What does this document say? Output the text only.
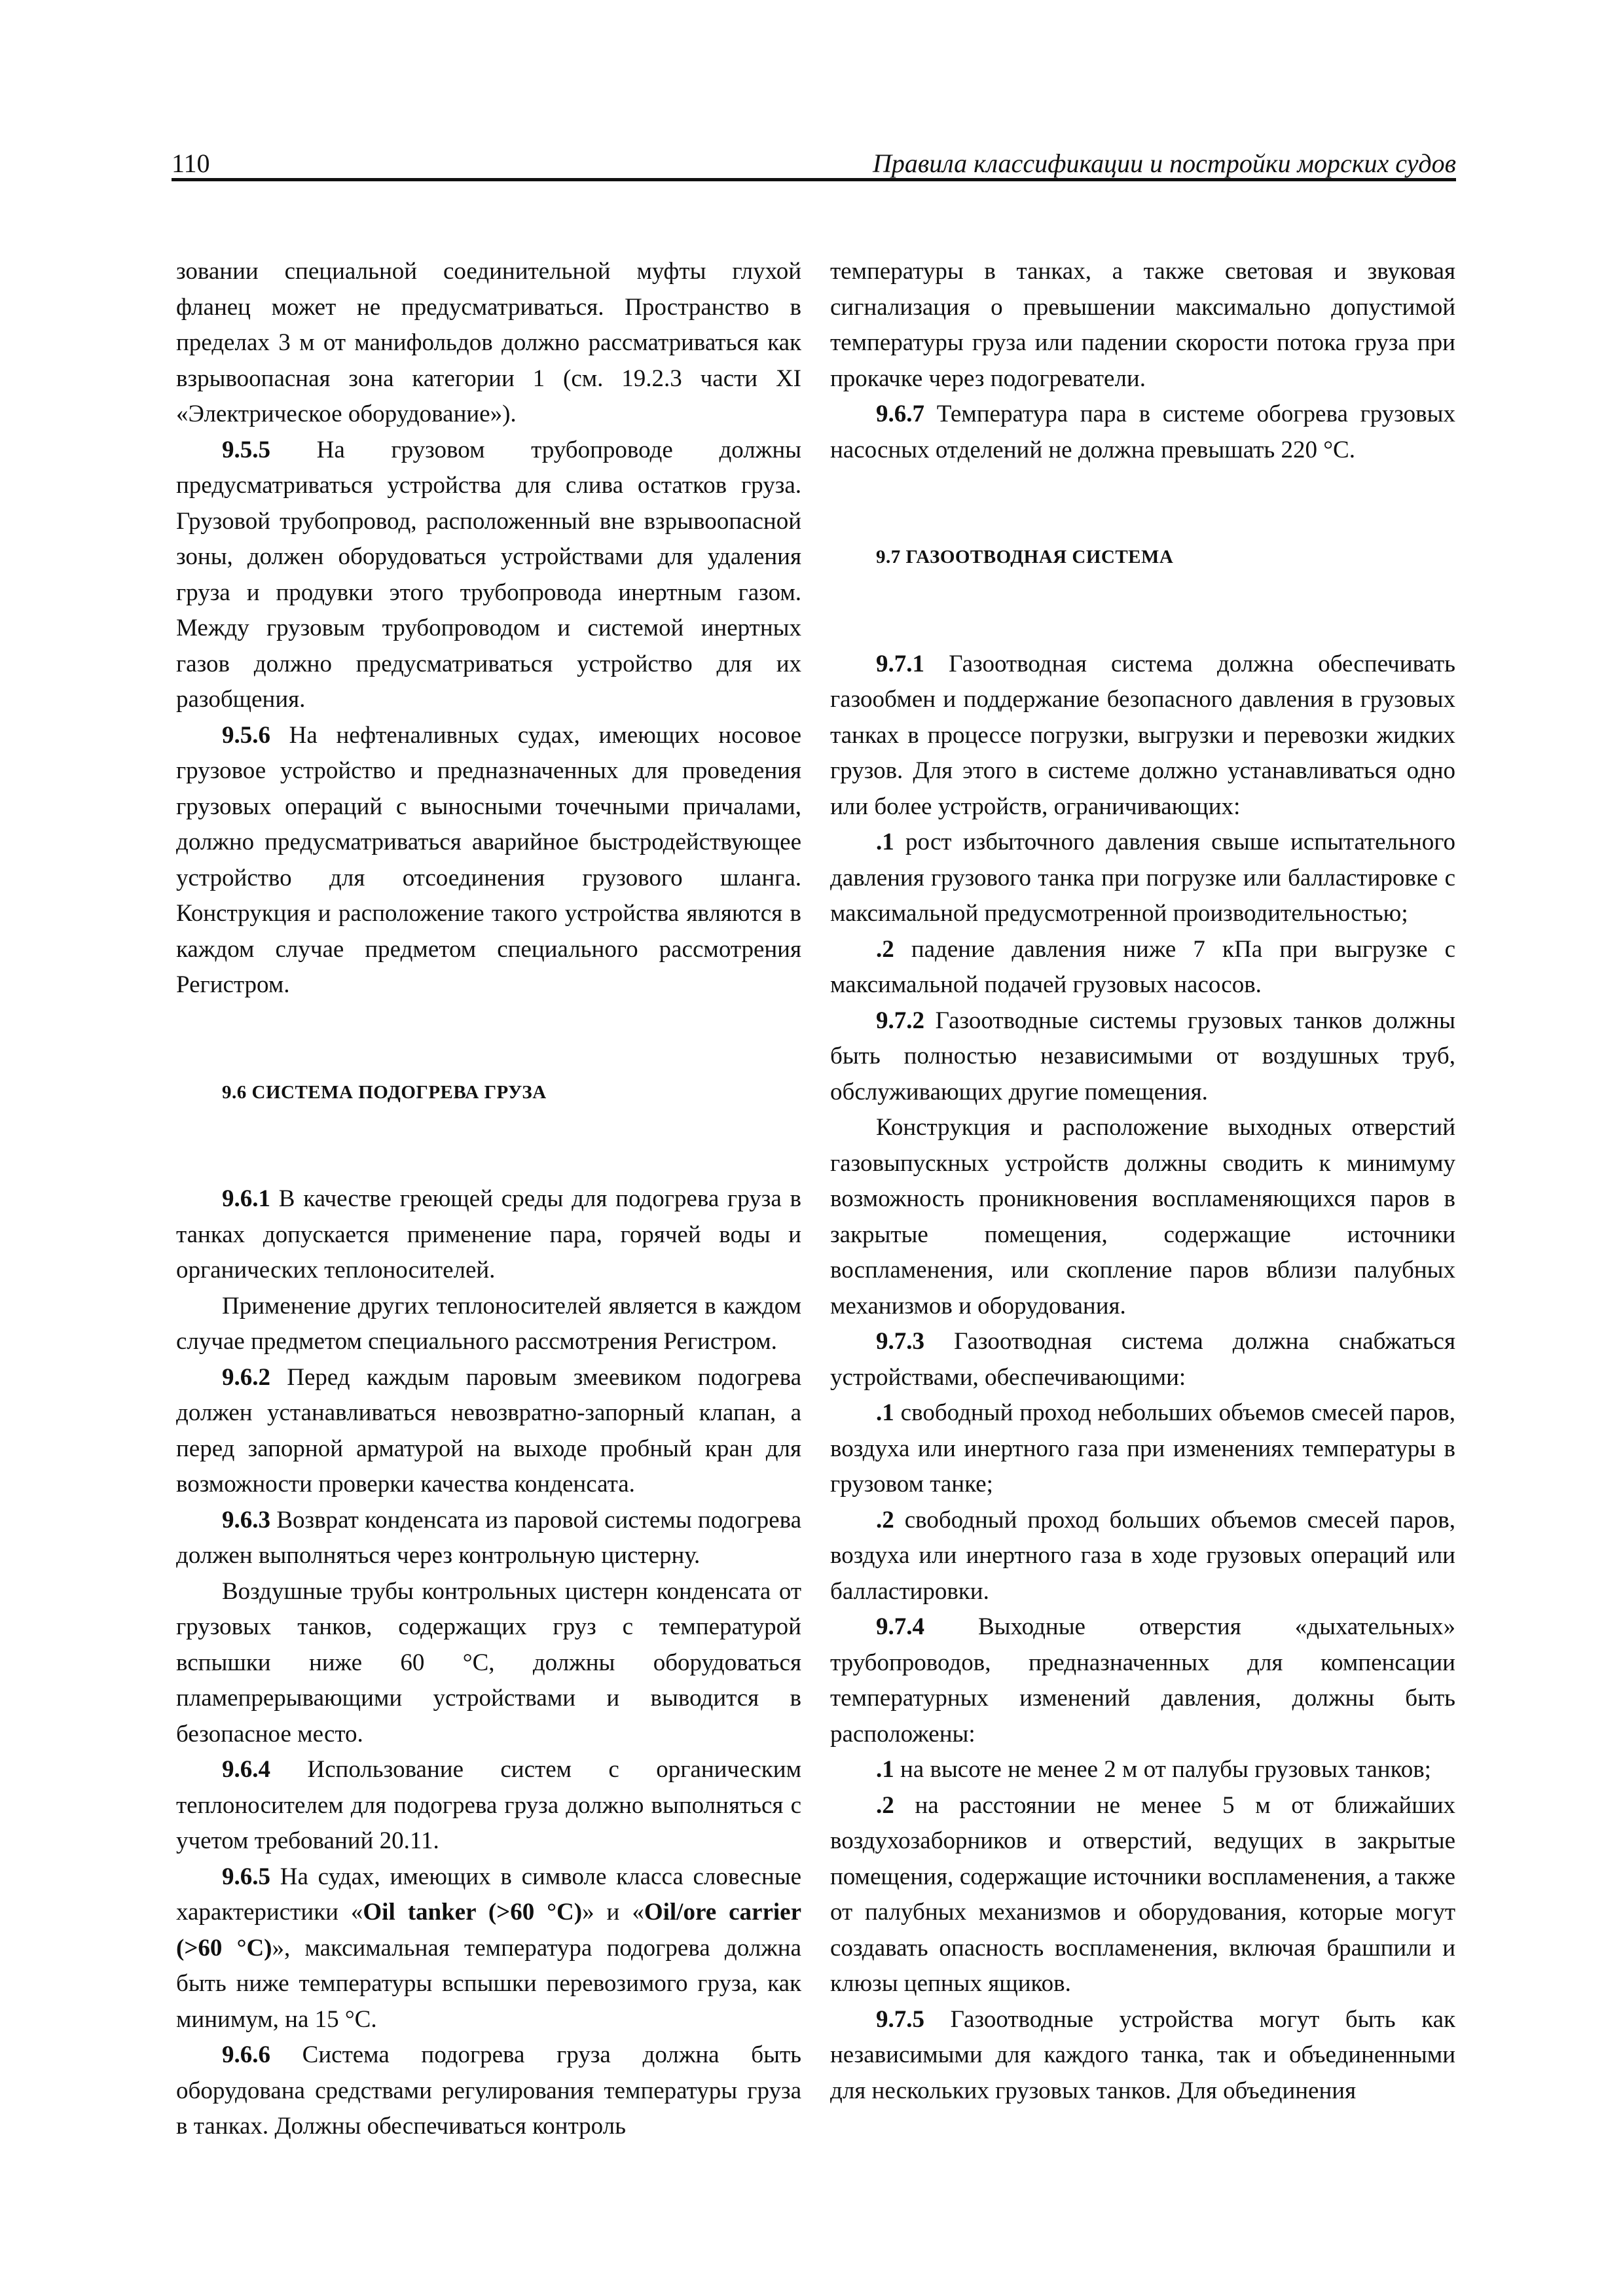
110	Правила классификации и постройки морских судов

зовании специальной соединительной муфты глухой фланец может не предусматриваться. Пространство в пределах 3 м от манифольдов должно рассматриваться как взрывоопасная зона категории 1 (см. 19.2.3 части XI «Электрическое оборудование»).

9.5.5 На грузовом трубопроводе должны предусматриваться устройства для слива остатков груза. Грузовой трубопровод, расположенный вне взрывоопасной зоны, должен оборудоваться устройствами для удаления груза и продувки этого трубопровода инертным газом. Между грузовым трубопроводом и системой инертных газов должно предусматриваться устройство для их разобщения.

9.5.6 На нефтеналивных судах, имеющих носовое грузовое устройство и предназначенных для проведения грузовых операций с выносными точечными причалами, должно предусматриваться аварийное быстродействующее устройство для отсоединения грузового шланга. Конструкция и расположение такого устройства являются в каждом случае предметом специального рассмотрения Регистром.

9.6 СИСТЕМА ПОДОГРЕВА ГРУЗА

9.6.1 В качестве греющей среды для подогрева груза в танках допускается применение пара, горячей воды и органических теплоносителей.

Применение других теплоносителей является в каждом случае предметом специального рассмотрения Регистром.

9.6.2 Перед каждым паровым змеевиком подогрева должен устанавливаться невозвратно-запорный клапан, а перед запорной арматурой на выходе пробный кран для возможности проверки качества конденсата.

9.6.3 Возврат конденсата из паровой системы подогрева должен выполняться через контрольную цистерну.

Воздушные трубы контрольных цистерн конденсата от грузовых танков, содержащих груз с температурой вспышки ниже 60 °С, должны оборудоваться пламепрерывающими устройствами и выводится в безопасное место.

9.6.4 Использование систем с органическим теплоносителем для подогрева груза должно выполняться с учетом требований 20.11.

9.6.5 На судах, имеющих в символе класса словесные характеристики «Oil tanker (>60 °C)» и «Oil/ore carrier (>60 °C)», максимальная температура подогрева должна быть ниже температуры вспышки перевозимого груза, как минимум, на 15 °С.

9.6.6 Система подогрева груза должна быть оборудована средствами регулирования температуры груза в танках. Должны обеспечиваться контроль

температуры в танках, а также световая и звуковая сигнализация о превышении максимально допустимой температуры груза или падении скорости потока груза при прокачке через подогреватели.

9.6.7 Температура пара в системе обогрева грузовых насосных отделений не должна превышать 220 °С.

9.7 ГАЗООТВОДНАЯ СИСТЕМА

9.7.1 Газоотводная система должна обеспечивать газообмен и поддержание безопасного давления в грузовых танках в процессе погрузки, выгрузки и перевозки жидких грузов. Для этого в системе должно устанавливаться одно или более устройств, ограничивающих:

.1 рост избыточного давления свыше испытательного давления грузового танка при погрузке или балластировке с максимальной предусмотренной производительностью;

.2 падение давления ниже 7 кПа при выгрузке с максимальной подачей грузовых насосов.

9.7.2 Газоотводные системы грузовых танков должны быть полностью независимыми от воздушных труб, обслуживающих другие помещения.

Конструкция и расположение выходных отверстий газовыпускных устройств должны сводить к минимуму возможность проникновения воспламеняющихся паров в закрытые помещения, содержащие источники воспламенения, или скопление паров вблизи палубных механизмов и оборудования.

9.7.3 Газоотводная система должна снабжаться устройствами, обеспечивающими:

.1 свободный проход небольших объемов смесей паров, воздуха или инертного газа при изменениях температуры в грузовом танке;

.2 свободный проход больших объемов смесей паров, воздуха или инертного газа в ходе грузовых операций или балластировки.

9.7.4 Выходные отверстия «дыхательных» трубопроводов, предназначенных для компенсации температурных изменений давления, должны быть расположены:

.1 на высоте не менее 2 м от палубы грузовых танков;

.2 на расстоянии не менее 5 м от ближайших воздухозаборников и отверстий, ведущих в закрытые помещения, содержащие источники воспламенения, а также от палубных механизмов и оборудования, которые могут создавать опасность воспламенения, включая брашпили и клюзы цепных ящиков.

9.7.5 Газоотводные устройства могут быть как независимыми для каждого танка, так и объединенными для нескольких грузовых танков. Для объединения
